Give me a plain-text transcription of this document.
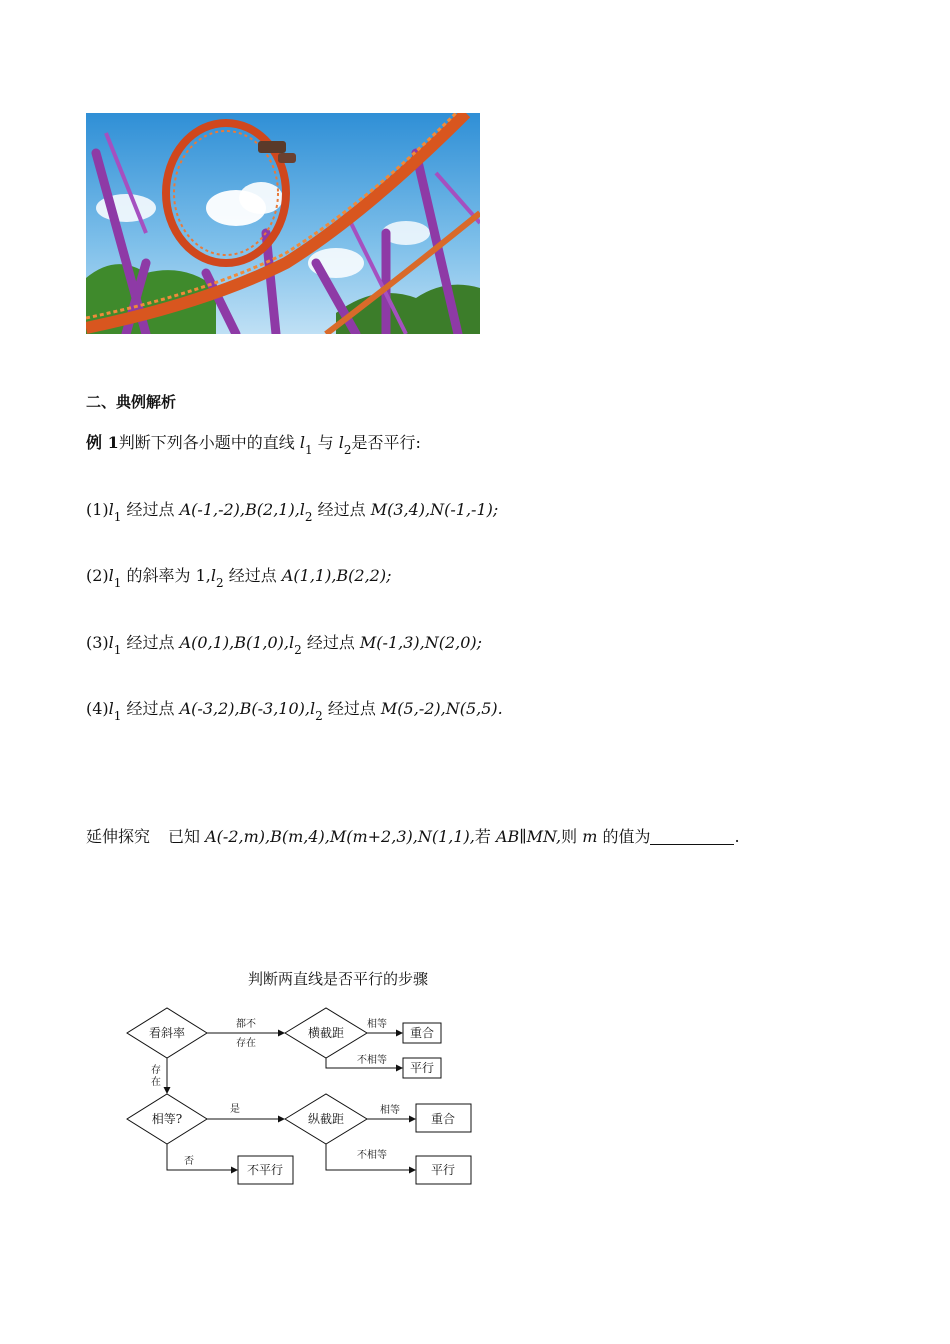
二、典例解析
例 1判断下列各小题中的直线 $l_1$ 与 $l_2$是否平行:
$(1)l_1$ 经过点 $A(-1,-2),B(2,1),l_2$ 经过点 M(3,4),N(-1,-1);
$(2)l_1$ 的斜率为 $1,l_2$ 经过点 A(1,1),B(2,2);
$(3)l_1$ 经过点 $A(0,1),B(1,0),l_2$ 经过点 M(-1,3),N(2,0);
$(4)l_1$ 经过点 $A(-3,2),B(-3,10),l_2$ 经过点 M(5,-2),N(5,5).
延伸探究 已知 A(-2,m),B(m,4),M(m+2,3),N(1,1),若 AB∥MN,则 m 的值为	.
判断两直线是否平行的步骤
看斜率	横截距	重合
平行
相等?	纵截距	重合
不平行	平行
都不
存在
相等
不相等
存
在
是	相等
否
不相等
